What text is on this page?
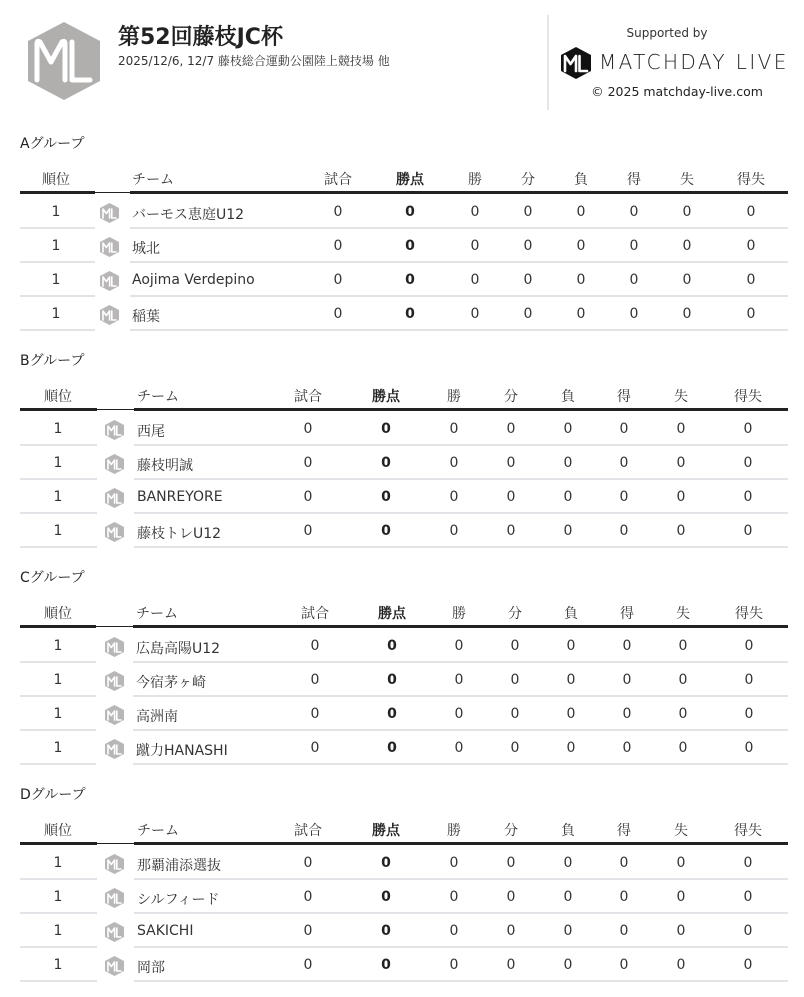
第52回藤枝JC杯
2025/12/6, 12/7 藤枝総合運動公園陸上競技場 他
Supported by
MATCHDAY LIVE
© 2025 matchday-live.com
Aグループ
順位	チーム	試合	勝点	勝	分	負	得	失	得失
1	バーモス恵庭U12	0	0	0	0	0	0	0	0
1	城北	0	0	0	0	0	0	0	0
1	Aojima Verdepino	0	0	0	0	0	0	0	0
1	稲葉	0	0	0	0	0	0	0	0
Bグループ
順位	チーム	試合	勝点	勝	分	負	得	失	得失
1	西尾	0	0	0	0	0	0	0	0
1	藤枝明誠	0	0	0	0	0	0	0	0
1	BANREYORE	0	0	0	0	0	0	0	0
1	藤枝トレU12	0	0	0	0	0	0	0	0
Cグループ
順位	チーム	試合	勝点	勝	分	負	得	失	得失
1	広島高陽U12	0	0	0	0	0	0	0	0
1	今宿茅ヶ崎	0	0	0	0	0	0	0	0
1	高洲南	0	0	0	0	0	0	0	0
1	蹴力HANASHI	0	0	0	0	0	0	0	0
Dグループ
順位	チーム	試合	勝点	勝	分	負	得	失	得失
1	那覇浦添選抜	0	0	0	0	0	0	0	0
1	シルフィード	0	0	0	0	0	0	0	0
1	SAKICHI	0	0	0	0	0	0	0	0
1	岡部	0	0	0	0	0	0	0	0
